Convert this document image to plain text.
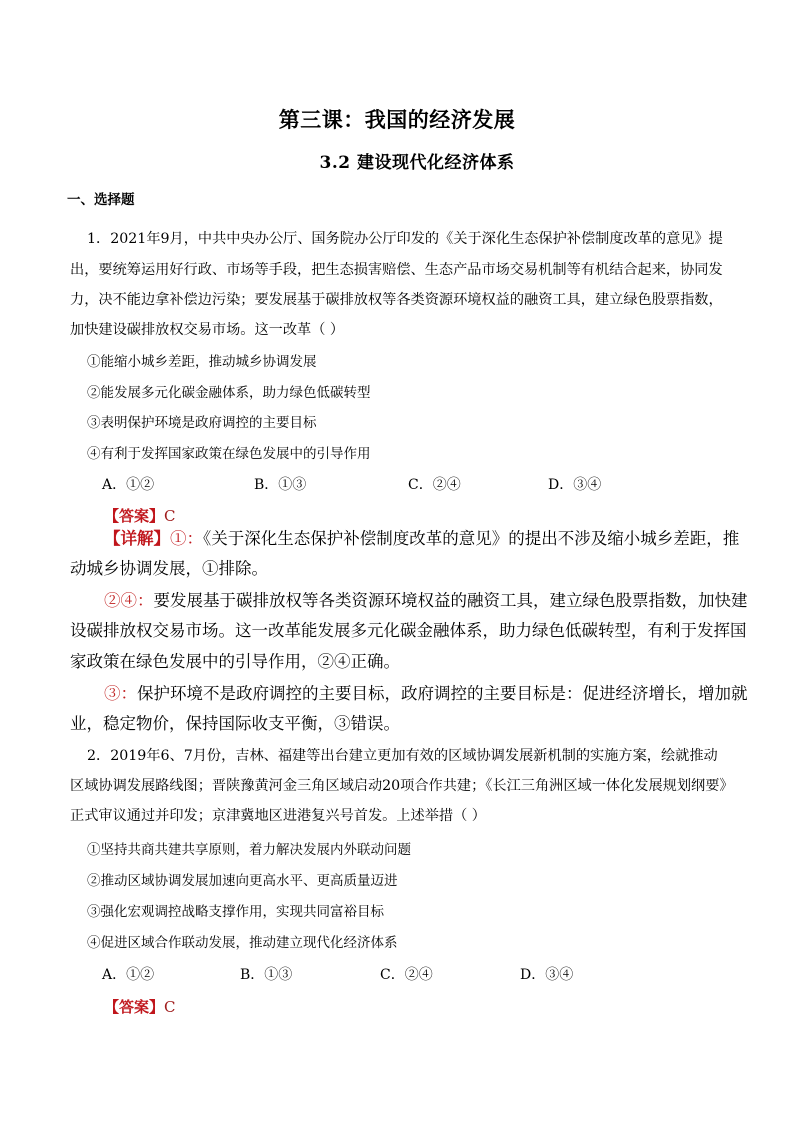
第三课：我国的经济发展
3.2 建设现代化经济体系
一、选择题
1．2021年9月，中共中央办公厅、国务院办公厅印发的《关于深化生态保护补偿制度改革的意见》提
出，要统筹运用好行政、市场等手段，把生态损害赔偿、生态产品市场交易机制等有机结合起来，协同发
力，决不能边拿补偿边污染；要发展基于碳排放权等各类资源环境权益的融资工具，建立绿色股票指数，
加快建设碳排放权交易市场。这一改革（ ）
①能缩小城乡差距，推动城乡协调发展
②能发展多元化碳金融体系，助力绿色低碳转型
③表明保护环境是政府调控的主要目标
④有利于发挥国家政策在绿色发展中的引导作用
A．①②	B．①③	C．②④	D．③④
【答案】C
【详解】①：《关于深化生态保护补偿制度改革的意见》的提出不涉及缩小城乡差距，推
动城乡协调发展，①排除。
②④：要发展基于碳排放权等各类资源环境权益的融资工具，建立绿色股票指数，加快建
设碳排放权交易市场。这一改革能发展多元化碳金融体系，助力绿色低碳转型，有利于发挥国
家政策在绿色发展中的引导作用，②④正确。
③：保护环境不是政府调控的主要目标，政府调控的主要目标是：促进经济增长，增加就
业，稳定物价，保持国际收支平衡，③错误。
2．2019年6、7月份，吉林、福建等出台建立更加有效的区域协调发展新机制的实施方案，绘就推动
区域协调发展路线图；晋陕豫黄河金三角区域启动20项合作共建；《长江三角洲区域一体化发展规划纲要》
正式审议通过并印发；京津冀地区进港复兴号首发。上述举措（ ）
①坚持共商共建共享原则，着力解决发展内外联动问题
②推动区域协调发展加速向更高水平、更高质量迈进
③强化宏观调控战略支撑作用，实现共同富裕目标
④促进区域合作联动发展，推动建立现代化经济体系
A．①②	B．①③	C．②④	D．③④
【答案】C
